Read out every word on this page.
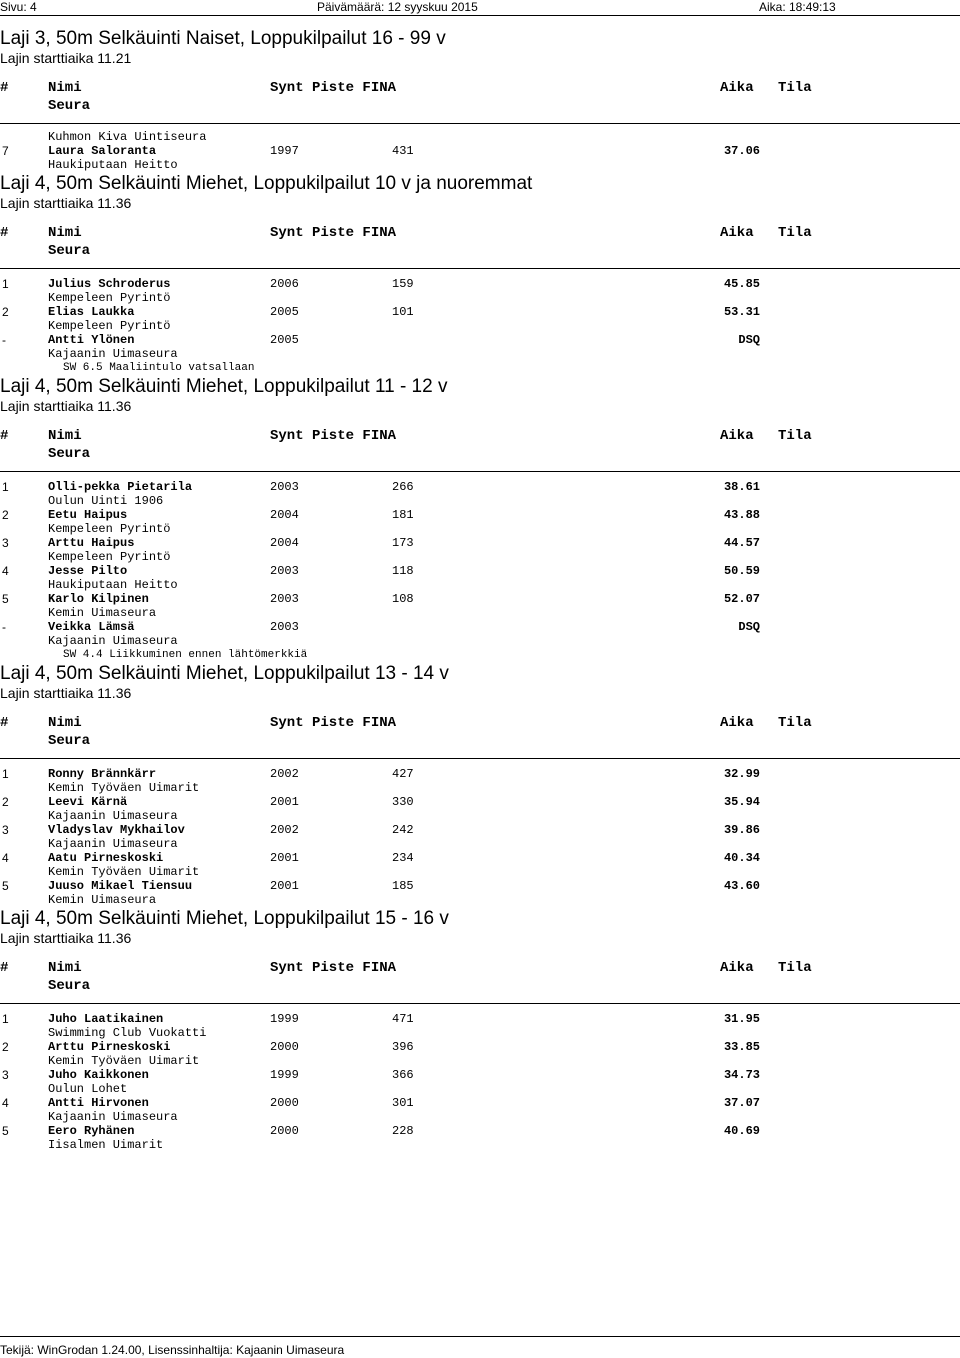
Sivu: 4	Päivämäärä: 12 syyskuu 2015	Aika: 18:49:13
Laji 3, 50m Selkäuinti Naiset, Loppukilpailut 16 - 99 v
Lajin starttiaika 11.21
#	Nimi	Synt Piste FINA	Aika Tila
Seura
Kuhmon Kiva Uintiseura
7	Laura Saloranta	1997	431	37.06
Haukiputaan Heitto
Laji 4, 50m Selkäuinti Miehet, Loppukilpailut 10 v ja nuoremmat
Lajin starttiaika 11.36
#	Nimi	Synt Piste FINA	Aika Tila
Seura
1	Julius Schroderus	2006	159	45.85
Kempeleen Pyrintö
2	Elias Laukka	2005	101	53.31
Kempeleen Pyrintö
-	Antti Ylönen	2005	DSQ
Kajaanin Uimaseura
SW 6.5 Maaliintulo vatsallaan
Laji 4, 50m Selkäuinti Miehet, Loppukilpailut 11 - 12 v
Lajin starttiaika 11.36
#	Nimi	Synt Piste FINA	Aika Tila
Seura
1	Olli-pekka Pietarila	2003	266	38.61
Oulun Uinti 1906
2	Eetu Haipus	2004	181	43.88
Kempeleen Pyrintö
3	Arttu Haipus	2004	173	44.57
Kempeleen Pyrintö
4	Jesse Pilto	2003	118	50.59
Haukiputaan Heitto
5	Karlo Kilpinen	2003	108	52.07
Kemin Uimaseura
-	Veikka Lämsä	2003	DSQ
Kajaanin Uimaseura
SW 4.4 Liikkuminen ennen lähtömerkkiä
Laji 4, 50m Selkäuinti Miehet, Loppukilpailut 13 - 14 v
Lajin starttiaika 11.36
#	Nimi	Synt Piste FINA	Aika Tila
Seura
1	Ronny Brännkärr	2002	427	32.99
Kemin Työväen Uimarit
2	Leevi Kärnä	2001	330	35.94
Kajaanin Uimaseura
3	Vladyslav Mykhailov	2002	242	39.86
Kajaanin Uimaseura
4	Aatu Pirneskoski	2001	234	40.34
Kemin Työväen Uimarit
5	Juuso Mikael Tiensuu	2001	185	43.60
Kemin Uimaseura
Laji 4, 50m Selkäuinti Miehet, Loppukilpailut 15 - 16 v
Lajin starttiaika 11.36
#	Nimi	Synt Piste FINA	Aika Tila
Seura
1	Juho Laatikainen	1999	471	31.95
Swimming Club Vuokatti
2	Arttu Pirneskoski	2000	396	33.85
Kemin Työväen Uimarit
3	Juho Kaikkonen	1999	366	34.73
Oulun Lohet
4	Antti Hirvonen	2000	301	37.07
Kajaanin Uimaseura
5	Eero Ryhänen	2000	228	40.69
Iisalmen Uimarit
Tekijä: WinGrodan 1.24.00, Lisenssinhaltija: Kajaanin Uimaseura
